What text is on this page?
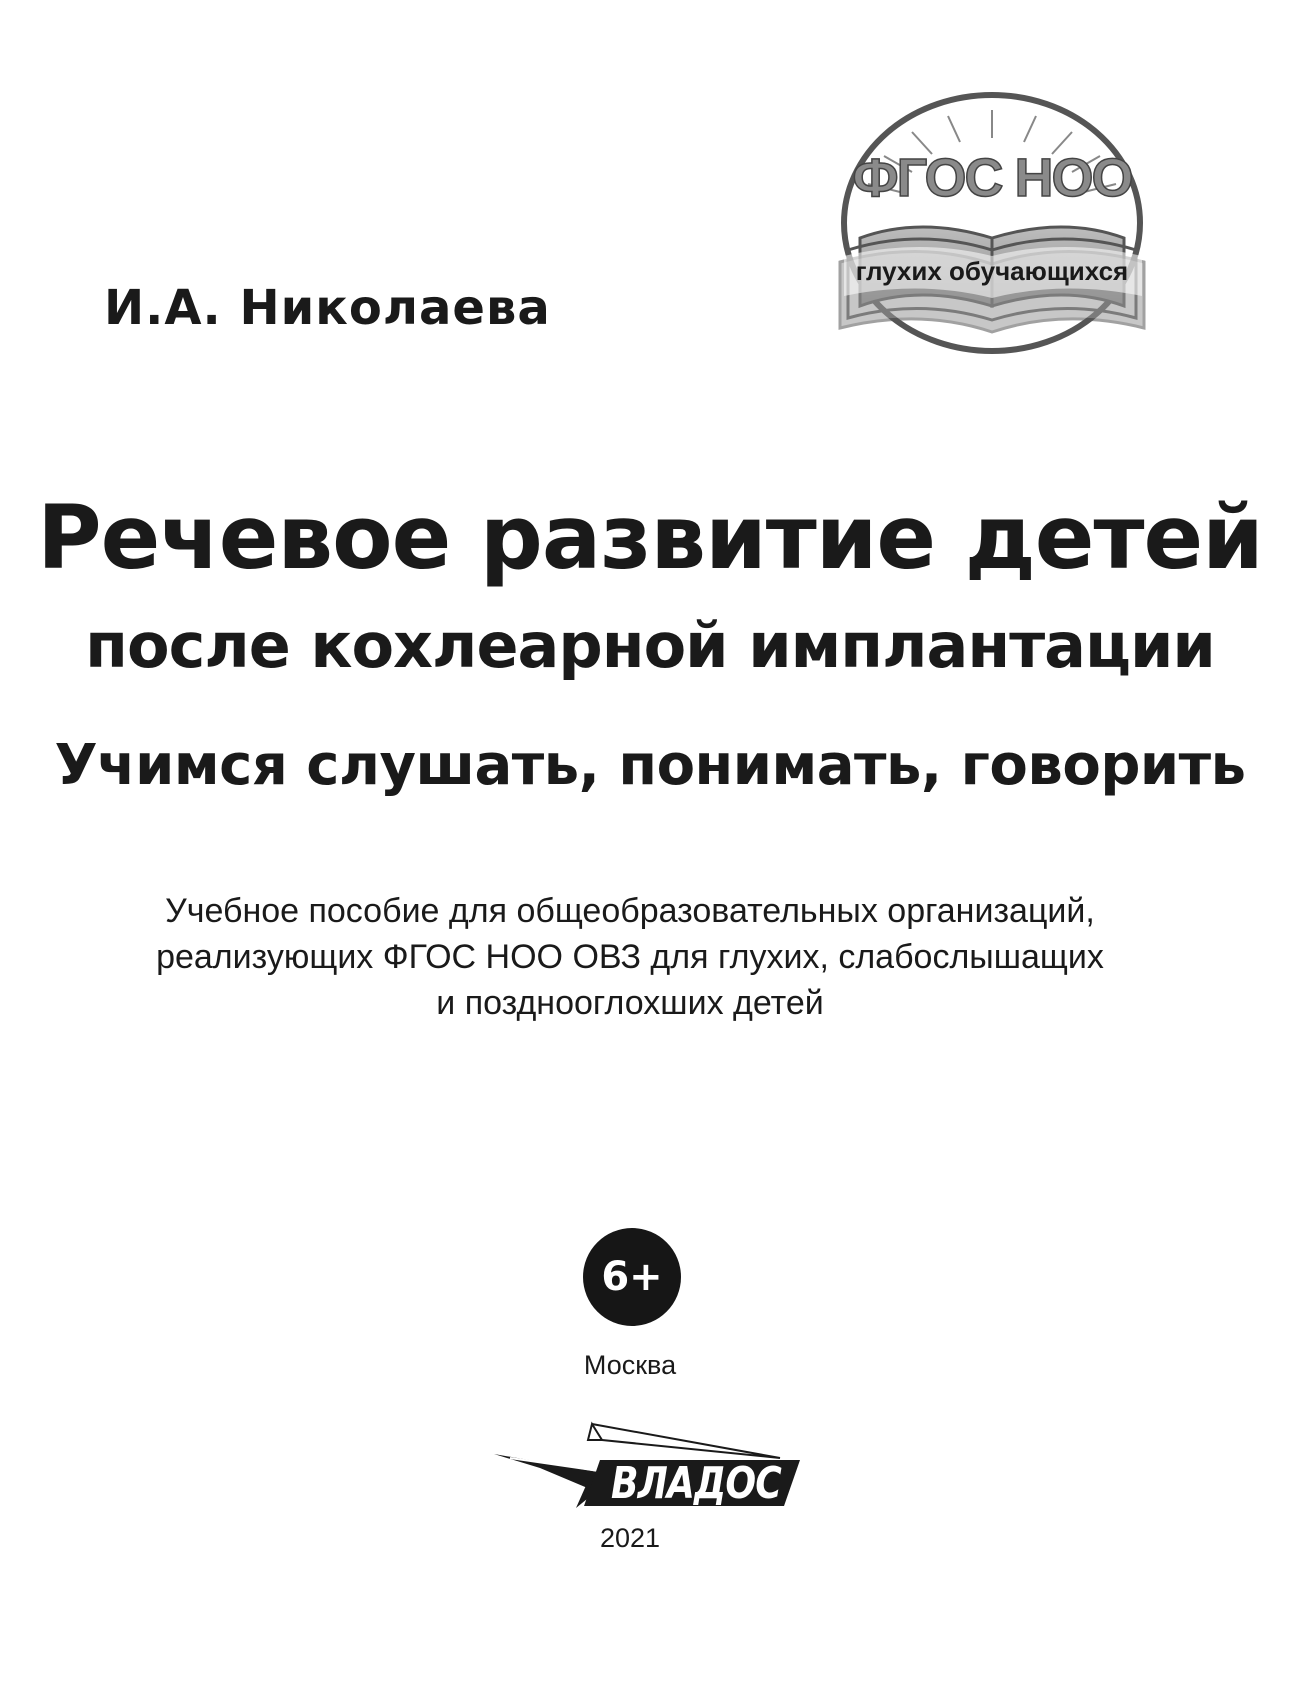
ФГОС НОО
глухих обучающихся
И.А. Николаева
Речевое развитие детей
после кохлеарной имплантации
Учимся слушать, понимать, говорить
Учебное пособие для общеобразовательных организаций,
реализующих ФГОС НОО ОВЗ для глухих, слабослышащих
и позднооглохших детей
6+
Москва
ВЛАДОС
2021
